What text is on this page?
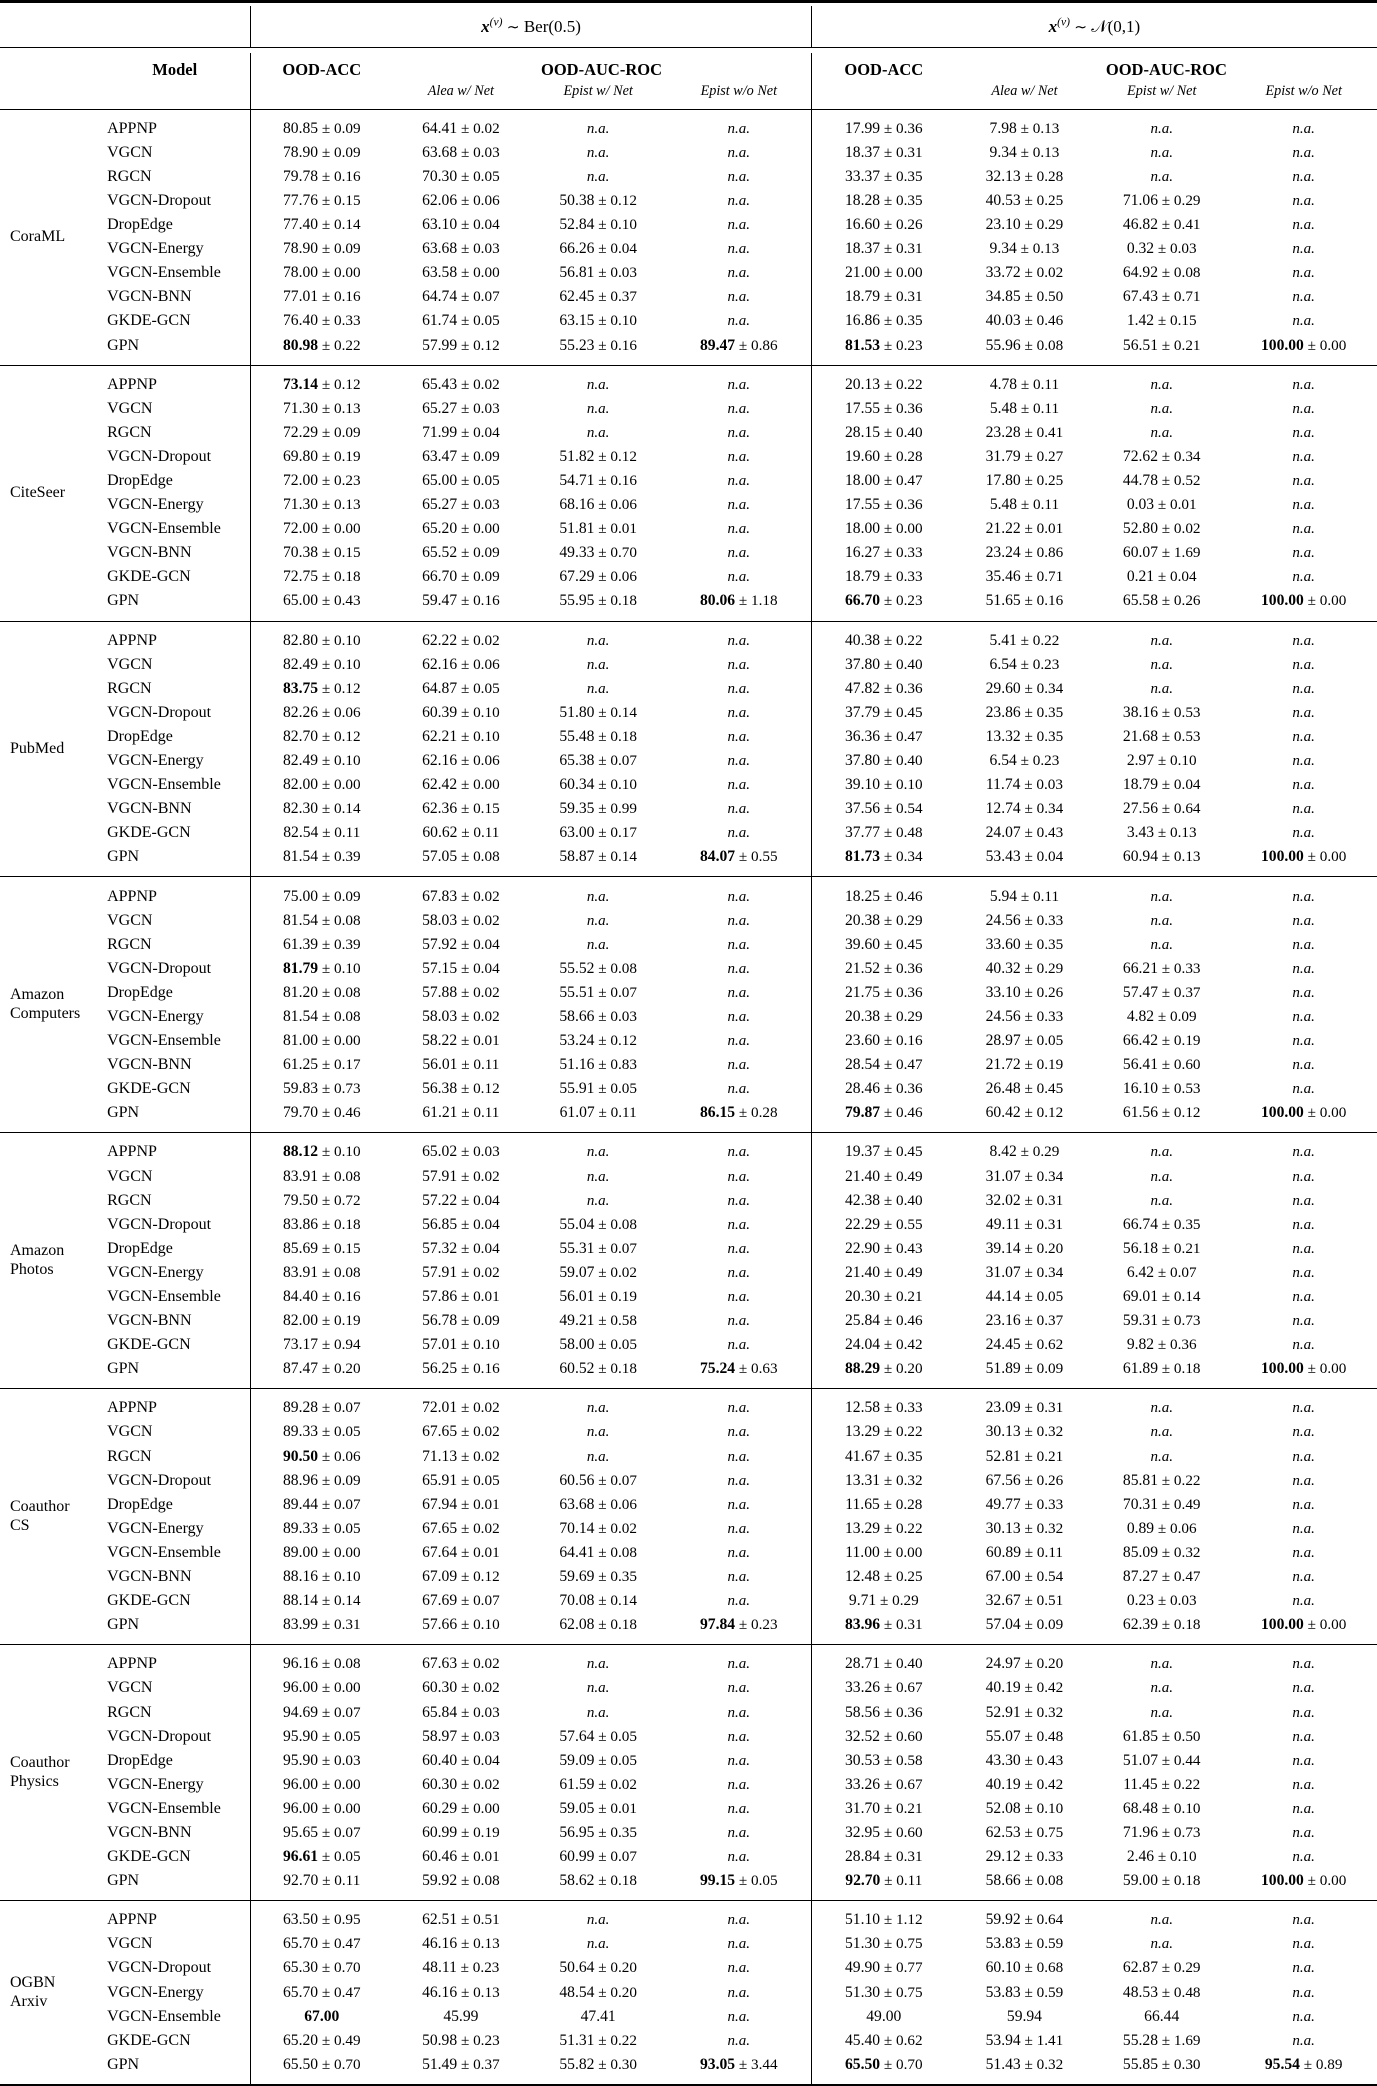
		$x^{(v)}$ ∼ Ber(0.5)				$x^{(v)}$ ∼ 𝒩(0,1)			

	Model	OOD-ACC	OOD-AUC-ROC			OOD-ACC	OOD-AUC-ROC		
			Alea w/ Net	Epist w/ Net	Epist w/o Net		Alea w/ Net	Epist w/ Net	Epist w/o Net

CoraML	APPNP	80.85 ± 0.09	64.41 ± 0.02	n.a.	n.a.	17.99 ± 0.36	7.98 ± 0.13	n.a.	n.a.
	VGCN	78.90 ± 0.09	63.68 ± 0.03	n.a.	n.a.	18.37 ± 0.31	9.34 ± 0.13	n.a.	n.a.
	RGCN	79.78 ± 0.16	70.30 ± 0.05	n.a.	n.a.	33.37 ± 0.35	32.13 ± 0.28	n.a.	n.a.
	VGCN-Dropout	77.76 ± 0.15	62.06 ± 0.06	50.38 ± 0.12	n.a.	18.28 ± 0.35	40.53 ± 0.25	71.06 ± 0.29	n.a.
	DropEdge	77.40 ± 0.14	63.10 ± 0.04	52.84 ± 0.10	n.a.	16.60 ± 0.26	23.10 ± 0.29	46.82 ± 0.41	n.a.
	VGCN-Energy	78.90 ± 0.09	63.68 ± 0.03	66.26 ± 0.04	n.a.	18.37 ± 0.31	9.34 ± 0.13	0.32 ± 0.03	n.a.
	VGCN-Ensemble	78.00 ± 0.00	63.58 ± 0.00	56.81 ± 0.03	n.a.	21.00 ± 0.00	33.72 ± 0.02	64.92 ± 0.08	n.a.
	VGCN-BNN	77.01 ± 0.16	64.74 ± 0.07	62.45 ± 0.37	n.a.	18.79 ± 0.31	34.85 ± 0.50	67.43 ± 0.71	n.a.
	GKDE-GCN	76.40 ± 0.33	61.74 ± 0.05	63.15 ± 0.10	n.a.	16.86 ± 0.35	40.03 ± 0.46	1.42 ± 0.15	n.a.
	GPN	80.98 ± 0.22	57.99 ± 0.12	55.23 ± 0.16	89.47 ± 0.86	81.53 ± 0.23	55.96 ± 0.08	56.51 ± 0.21	100.00 ± 0.00

CiteSeer	APPNP	73.14 ± 0.12	65.43 ± 0.02	n.a.	n.a.	20.13 ± 0.22	4.78 ± 0.11	n.a.	n.a.
	VGCN	71.30 ± 0.13	65.27 ± 0.03	n.a.	n.a.	17.55 ± 0.36	5.48 ± 0.11	n.a.	n.a.
	RGCN	72.29 ± 0.09	71.99 ± 0.04	n.a.	n.a.	28.15 ± 0.40	23.28 ± 0.41	n.a.	n.a.
	VGCN-Dropout	69.80 ± 0.19	63.47 ± 0.09	51.82 ± 0.12	n.a.	19.60 ± 0.28	31.79 ± 0.27	72.62 ± 0.34	n.a.
	DropEdge	72.00 ± 0.23	65.00 ± 0.05	54.71 ± 0.16	n.a.	18.00 ± 0.47	17.80 ± 0.25	44.78 ± 0.52	n.a.
	VGCN-Energy	71.30 ± 0.13	65.27 ± 0.03	68.16 ± 0.06	n.a.	17.55 ± 0.36	5.48 ± 0.11	0.03 ± 0.01	n.a.
	VGCN-Ensemble	72.00 ± 0.00	65.20 ± 0.00	51.81 ± 0.01	n.a.	18.00 ± 0.00	21.22 ± 0.01	52.80 ± 0.02	n.a.
	VGCN-BNN	70.38 ± 0.15	65.52 ± 0.09	49.33 ± 0.70	n.a.	16.27 ± 0.33	23.24 ± 0.86	60.07 ± 1.69	n.a.
	GKDE-GCN	72.75 ± 0.18	66.70 ± 0.09	67.29 ± 0.06	n.a.	18.79 ± 0.33	35.46 ± 0.71	0.21 ± 0.04	n.a.
	GPN	65.00 ± 0.43	59.47 ± 0.16	55.95 ± 0.18	80.06 ± 1.18	66.70 ± 0.23	51.65 ± 0.16	65.58 ± 0.26	100.00 ± 0.00

PubMed	APPNP	82.80 ± 0.10	62.22 ± 0.02	n.a.	n.a.	40.38 ± 0.22	5.41 ± 0.22	n.a.	n.a.
	VGCN	82.49 ± 0.10	62.16 ± 0.06	n.a.	n.a.	37.80 ± 0.40	6.54 ± 0.23	n.a.	n.a.
	RGCN	83.75 ± 0.12	64.87 ± 0.05	n.a.	n.a.	47.82 ± 0.36	29.60 ± 0.34	n.a.	n.a.
	VGCN-Dropout	82.26 ± 0.06	60.39 ± 0.10	51.80 ± 0.14	n.a.	37.79 ± 0.45	23.86 ± 0.35	38.16 ± 0.53	n.a.
	DropEdge	82.70 ± 0.12	62.21 ± 0.10	55.48 ± 0.18	n.a.	36.36 ± 0.47	13.32 ± 0.35	21.68 ± 0.53	n.a.
	VGCN-Energy	82.49 ± 0.10	62.16 ± 0.06	65.38 ± 0.07	n.a.	37.80 ± 0.40	6.54 ± 0.23	2.97 ± 0.10	n.a.
	VGCN-Ensemble	82.00 ± 0.00	62.42 ± 0.00	60.34 ± 0.10	n.a.	39.10 ± 0.10	11.74 ± 0.03	18.79 ± 0.04	n.a.
	VGCN-BNN	82.30 ± 0.14	62.36 ± 0.15	59.35 ± 0.99	n.a.	37.56 ± 0.54	12.74 ± 0.34	27.56 ± 0.64	n.a.
	GKDE-GCN	82.54 ± 0.11	60.62 ± 0.11	63.00 ± 0.17	n.a.	37.77 ± 0.48	24.07 ± 0.43	3.43 ± 0.13	n.a.
	GPN	81.54 ± 0.39	57.05 ± 0.08	58.87 ± 0.14	84.07 ± 0.55	81.73 ± 0.34	53.43 ± 0.04	60.94 ± 0.13	100.00 ± 0.00

Amazon
Computers	APPNP	75.00 ± 0.09	67.83 ± 0.02	n.a.	n.a.	18.25 ± 0.46	5.94 ± 0.11	n.a.	n.a.
	VGCN	81.54 ± 0.08	58.03 ± 0.02	n.a.	n.a.	20.38 ± 0.29	24.56 ± 0.33	n.a.	n.a.
	RGCN	61.39 ± 0.39	57.92 ± 0.04	n.a.	n.a.	39.60 ± 0.45	33.60 ± 0.35	n.a.	n.a.
	VGCN-Dropout	81.79 ± 0.10	57.15 ± 0.04	55.52 ± 0.08	n.a.	21.52 ± 0.36	40.32 ± 0.29	66.21 ± 0.33	n.a.
	DropEdge	81.20 ± 0.08	57.88 ± 0.02	55.51 ± 0.07	n.a.	21.75 ± 0.36	33.10 ± 0.26	57.47 ± 0.37	n.a.
	VGCN-Energy	81.54 ± 0.08	58.03 ± 0.02	58.66 ± 0.03	n.a.	20.38 ± 0.29	24.56 ± 0.33	4.82 ± 0.09	n.a.
	VGCN-Ensemble	81.00 ± 0.00	58.22 ± 0.01	53.24 ± 0.12	n.a.	23.60 ± 0.16	28.97 ± 0.05	66.42 ± 0.19	n.a.
	VGCN-BNN	61.25 ± 0.17	56.01 ± 0.11	51.16 ± 0.83	n.a.	28.54 ± 0.47	21.72 ± 0.19	56.41 ± 0.60	n.a.
	GKDE-GCN	59.83 ± 0.73	56.38 ± 0.12	55.91 ± 0.05	n.a.	28.46 ± 0.36	26.48 ± 0.45	16.10 ± 0.53	n.a.
	GPN	79.70 ± 0.46	61.21 ± 0.11	61.07 ± 0.11	86.15 ± 0.28	79.87 ± 0.46	60.42 ± 0.12	61.56 ± 0.12	100.00 ± 0.00

Amazon
Photos	APPNP	88.12 ± 0.10	65.02 ± 0.03	n.a.	n.a.	19.37 ± 0.45	8.42 ± 0.29	n.a.	n.a.
	VGCN	83.91 ± 0.08	57.91 ± 0.02	n.a.	n.a.	21.40 ± 0.49	31.07 ± 0.34	n.a.	n.a.
	RGCN	79.50 ± 0.72	57.22 ± 0.04	n.a.	n.a.	42.38 ± 0.40	32.02 ± 0.31	n.a.	n.a.
	VGCN-Dropout	83.86 ± 0.18	56.85 ± 0.04	55.04 ± 0.08	n.a.	22.29 ± 0.55	49.11 ± 0.31	66.74 ± 0.35	n.a.
	DropEdge	85.69 ± 0.15	57.32 ± 0.04	55.31 ± 0.07	n.a.	22.90 ± 0.43	39.14 ± 0.20	56.18 ± 0.21	n.a.
	VGCN-Energy	83.91 ± 0.08	57.91 ± 0.02	59.07 ± 0.02	n.a.	21.40 ± 0.49	31.07 ± 0.34	6.42 ± 0.07	n.a.
	VGCN-Ensemble	84.40 ± 0.16	57.86 ± 0.01	56.01 ± 0.19	n.a.	20.30 ± 0.21	44.14 ± 0.05	69.01 ± 0.14	n.a.
	VGCN-BNN	82.00 ± 0.19	56.78 ± 0.09	49.21 ± 0.58	n.a.	25.84 ± 0.46	23.16 ± 0.37	59.31 ± 0.73	n.a.
	GKDE-GCN	73.17 ± 0.94	57.01 ± 0.10	58.00 ± 0.05	n.a.	24.04 ± 0.42	24.45 ± 0.62	9.82 ± 0.36	n.a.
	GPN	87.47 ± 0.20	56.25 ± 0.16	60.52 ± 0.18	75.24 ± 0.63	88.29 ± 0.20	51.89 ± 0.09	61.89 ± 0.18	100.00 ± 0.00

Coauthor
CS	APPNP	89.28 ± 0.07	72.01 ± 0.02	n.a.	n.a.	12.58 ± 0.33	23.09 ± 0.31	n.a.	n.a.
	VGCN	89.33 ± 0.05	67.65 ± 0.02	n.a.	n.a.	13.29 ± 0.22	30.13 ± 0.32	n.a.	n.a.
	RGCN	90.50 ± 0.06	71.13 ± 0.02	n.a.	n.a.	41.67 ± 0.35	52.81 ± 0.21	n.a.	n.a.
	VGCN-Dropout	88.96 ± 0.09	65.91 ± 0.05	60.56 ± 0.07	n.a.	13.31 ± 0.32	67.56 ± 0.26	85.81 ± 0.22	n.a.
	DropEdge	89.44 ± 0.07	67.94 ± 0.01	63.68 ± 0.06	n.a.	11.65 ± 0.28	49.77 ± 0.33	70.31 ± 0.49	n.a.
	VGCN-Energy	89.33 ± 0.05	67.65 ± 0.02	70.14 ± 0.02	n.a.	13.29 ± 0.22	30.13 ± 0.32	0.89 ± 0.06	n.a.
	VGCN-Ensemble	89.00 ± 0.00	67.64 ± 0.01	64.41 ± 0.08	n.a.	11.00 ± 0.00	60.89 ± 0.11	85.09 ± 0.32	n.a.
	VGCN-BNN	88.16 ± 0.10	67.09 ± 0.12	59.69 ± 0.35	n.a.	12.48 ± 0.25	67.00 ± 0.54	87.27 ± 0.47	n.a.
	GKDE-GCN	88.14 ± 0.14	67.69 ± 0.07	70.08 ± 0.14	n.a.	9.71 ± 0.29	32.67 ± 0.51	0.23 ± 0.03	n.a.
	GPN	83.99 ± 0.31	57.66 ± 0.10	62.08 ± 0.18	97.84 ± 0.23	83.96 ± 0.31	57.04 ± 0.09	62.39 ± 0.18	100.00 ± 0.00

Coauthor
Physics	APPNP	96.16 ± 0.08	67.63 ± 0.02	n.a.	n.a.	28.71 ± 0.40	24.97 ± 0.20	n.a.	n.a.
	VGCN	96.00 ± 0.00	60.30 ± 0.02	n.a.	n.a.	33.26 ± 0.67	40.19 ± 0.42	n.a.	n.a.
	RGCN	94.69 ± 0.07	65.84 ± 0.03	n.a.	n.a.	58.56 ± 0.36	52.91 ± 0.32	n.a.	n.a.
	VGCN-Dropout	95.90 ± 0.05	58.97 ± 0.03	57.64 ± 0.05	n.a.	32.52 ± 0.60	55.07 ± 0.48	61.85 ± 0.50	n.a.
	DropEdge	95.90 ± 0.03	60.40 ± 0.04	59.09 ± 0.05	n.a.	30.53 ± 0.58	43.30 ± 0.43	51.07 ± 0.44	n.a.
	VGCN-Energy	96.00 ± 0.00	60.30 ± 0.02	61.59 ± 0.02	n.a.	33.26 ± 0.67	40.19 ± 0.42	11.45 ± 0.22	n.a.
	VGCN-Ensemble	96.00 ± 0.00	60.29 ± 0.00	59.05 ± 0.01	n.a.	31.70 ± 0.21	52.08 ± 0.10	68.48 ± 0.10	n.a.
	VGCN-BNN	95.65 ± 0.07	60.99 ± 0.19	56.95 ± 0.35	n.a.	32.95 ± 0.60	62.53 ± 0.75	71.96 ± 0.73	n.a.
	GKDE-GCN	96.61 ± 0.05	60.46 ± 0.01	60.99 ± 0.07	n.a.	28.84 ± 0.31	29.12 ± 0.33	2.46 ± 0.10	n.a.
	GPN	92.70 ± 0.11	59.92 ± 0.08	58.62 ± 0.18	99.15 ± 0.05	92.70 ± 0.11	58.66 ± 0.08	59.00 ± 0.18	100.00 ± 0.00

OGBN
Arxiv	APPNP	63.50 ± 0.95	62.51 ± 0.51	n.a.	n.a.	51.10 ± 1.12	59.92 ± 0.64	n.a.	n.a.
	VGCN	65.70 ± 0.47	46.16 ± 0.13	n.a.	n.a.	51.30 ± 0.75	53.83 ± 0.59	n.a.	n.a.
	VGCN-Dropout	65.30 ± 0.70	48.11 ± 0.23	50.64 ± 0.20	n.a.	49.90 ± 0.77	60.10 ± 0.68	62.87 ± 0.29	n.a.
	VGCN-Energy	65.70 ± 0.47	46.16 ± 0.13	48.54 ± 0.20	n.a.	51.30 ± 0.75	53.83 ± 0.59	48.53 ± 0.48	n.a.
	VGCN-Ensemble	67.00	45.99	47.41	n.a.	49.00	59.94	66.44	n.a.
	GKDE-GCN	65.20 ± 0.49	50.98 ± 0.23	51.31 ± 0.22	n.a.	45.40 ± 0.62	53.94 ± 1.41	55.28 ± 1.69	n.a.
	GPN	65.50 ± 0.70	51.49 ± 0.37	55.82 ± 0.30	93.05 ± 3.44	65.50 ± 0.70	51.43 ± 0.32	55.85 ± 0.30	95.54 ± 0.89
